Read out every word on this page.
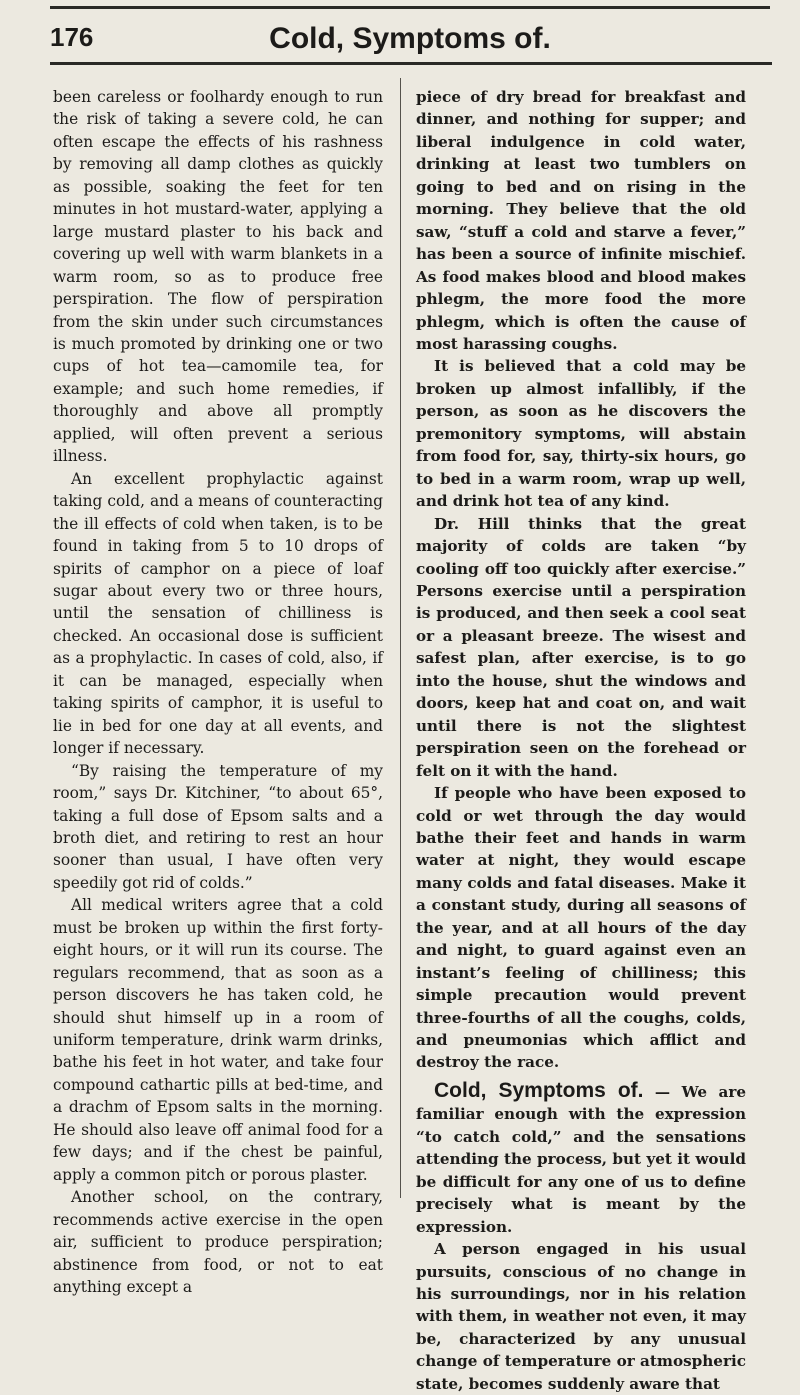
176	Cold, Symptoms of.

been careless or foolhardy enough to run the risk of taking a severe cold, he can often escape the effects of his rashness by removing all damp clothes as quickly as possible, soaking the feet for ten minutes in hot mustard-water, applying a large mustard plaster to his back and covering up well with warm blankets in a warm room, so as to produce free perspiration. The flow of perspiration from the skin under such circumstances is much promoted by drinking one or two cups of hot tea—camomile tea, for example; and such home remedies, if thoroughly and above all promptly applied, will often prevent a serious illness.

An excellent prophylactic against taking cold, and a means of counteracting the ill effects of cold when taken, is to be found in taking from 5 to 10 drops of spirits of camphor on a piece of loaf sugar about every two or three hours, until the sensation of chilliness is checked. An occasional dose is sufficient as a prophylactic. In cases of cold, also, if it can be managed, especially when taking spirits of camphor, it is useful to lie in bed for one day at all events, and longer if necessary.

“By raising the temperature of my room,” says Dr. Kitchiner, “to about 65°, taking a full dose of Epsom salts and a broth diet, and retiring to rest an hour sooner than usual, I have often very speedily got rid of colds.”

All medical writers agree that a cold must be broken up within the first forty-eight hours, or it will run its course. The regulars recommend, that as soon as a person discovers he has taken cold, he should shut himself up in a room of uniform temperature, drink warm drinks, bathe his feet in hot water, and take four compound cathartic pills at bed-time, and a drachm of Epsom salts in the morning. He should also leave off animal food for a few days; and if the chest be painful, apply a common pitch or porous plaster.

Another school, on the contrary, recommends active exercise in the open air, sufficient to produce perspiration; abstinence from food, or not to eat anything except a

piece of dry bread for breakfast and dinner, and nothing for supper; and liberal indulgence in cold water, drinking at least two tumblers on going to bed and on rising in the morning. They believe that the old saw, “stuff a cold and starve a fever,” has been a source of infinite mischief. As food makes blood and blood makes phlegm, the more food the more phlegm, which is often the cause of most harassing coughs.

It is believed that a cold may be broken up almost infallibly, if the person, as soon as he discovers the premonitory symptoms, will abstain from food for, say, thirty-six hours, go to bed in a warm room, wrap up well, and drink hot tea of any kind.

Dr. Hill thinks that the great majority of colds are taken “by cooling off too quickly after exercise.” Persons exercise until a perspiration is produced, and then seek a cool seat or a pleasant breeze. The wisest and safest plan, after exercise, is to go into the house, shut the windows and doors, keep hat and coat on, and wait until there is not the slightest perspiration seen on the forehead or felt on it with the hand.

If people who have been exposed to cold or wet through the day would bathe their feet and hands in warm water at night, they would escape many colds and fatal diseases. Make it a constant study, during all seasons of the year, and at all hours of the day and night, to guard against even an instant’s feeling of chilliness; this simple precaution would prevent three-fourths of all the coughs, colds, and pneumonias which afflict and destroy the race.

Cold, Symptoms of. — We are familiar enough with the expression “to catch cold,” and the sensations attending the process, but yet it would be difficult for any one of us to define precisely what is meant by the expression.

A person engaged in his usual pursuits, conscious of no change in his surroundings, nor in his relation with them, in weather not even, it may be, characterized by any unusual change of temperature or atmospheric state, becomes suddenly aware that
